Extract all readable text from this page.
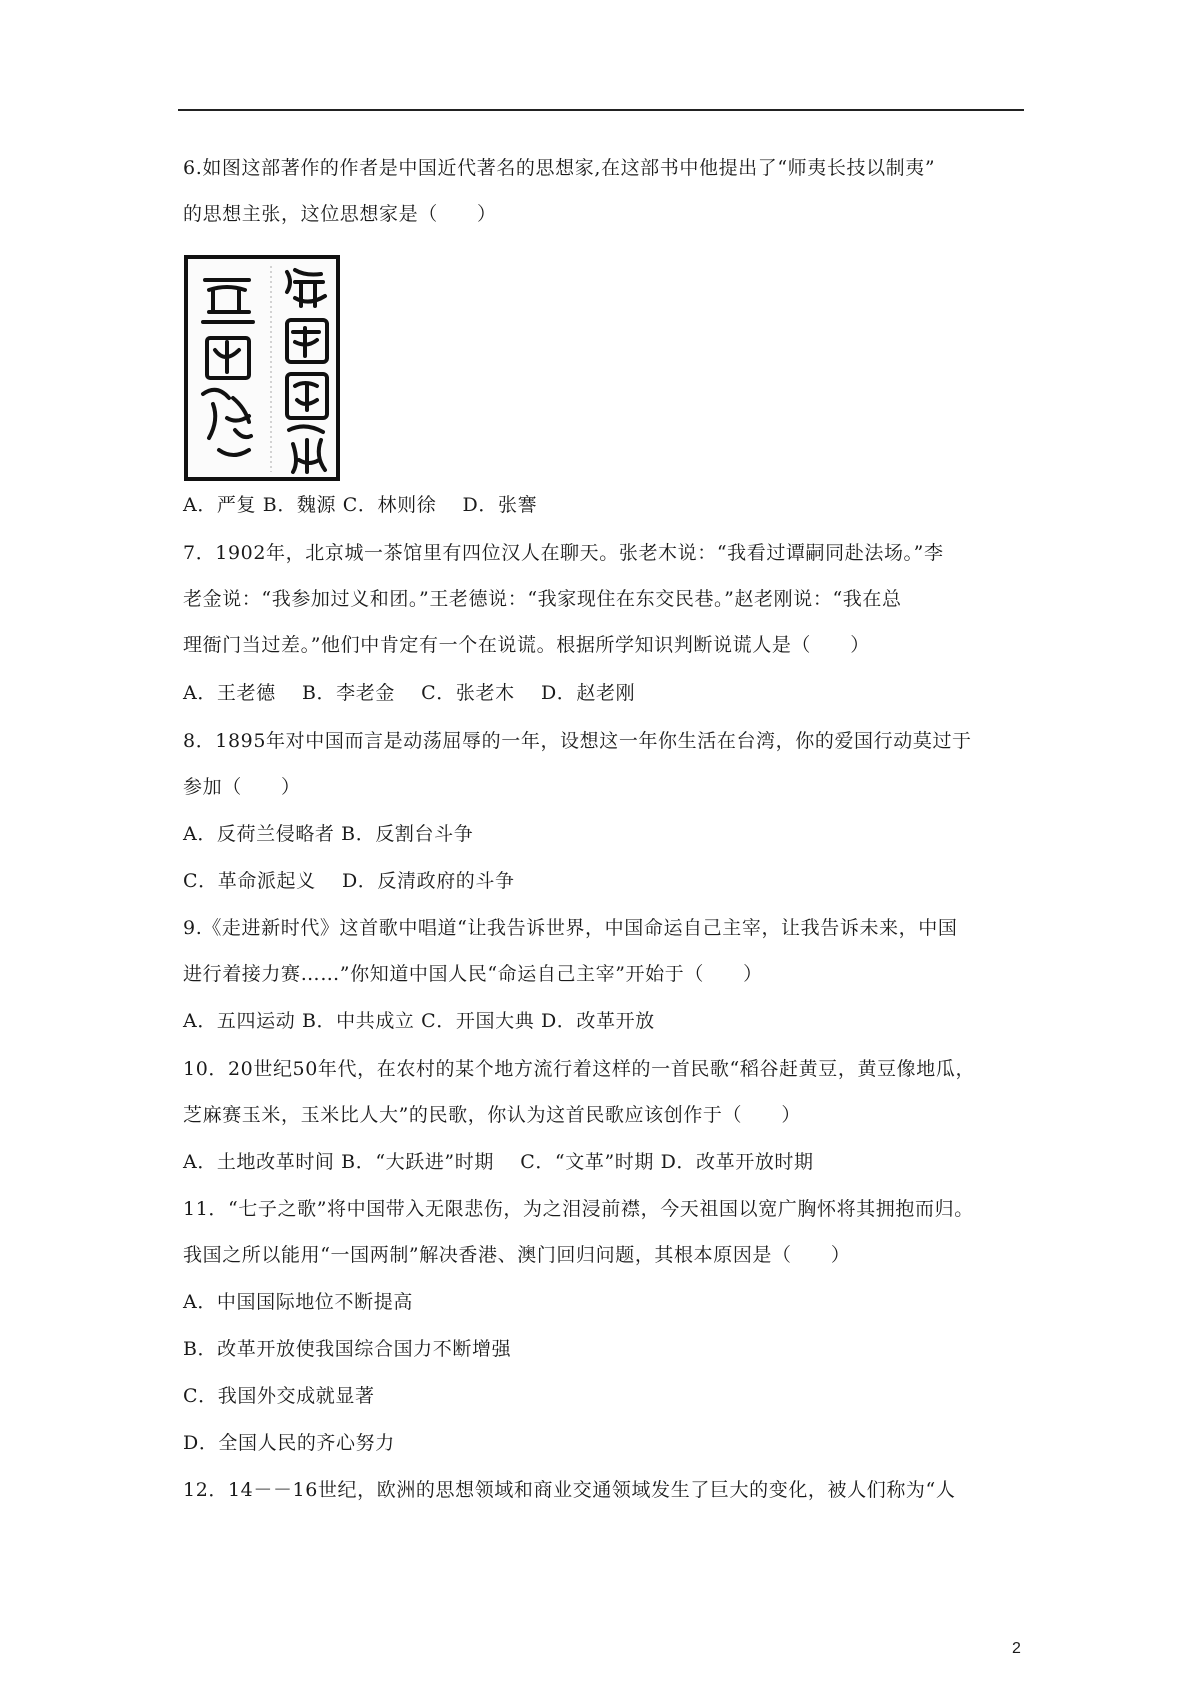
6.如图这部著作的作者是中国近代著名的思想家,在这部书中他提出了“师夷长技以制夷”
的思想主张，这位思想家是（　　）
A．严复 B．魏源 C．林则徐　 D．张謇
7．1902年，北京城一茶馆里有四位汉人在聊天。张老木说：“我看过谭嗣同赴法场。”李
老金说：“我参加过义和团。”王老德说：“我家现住在东交民巷。”赵老刚说：“我在总
理衙门当过差。”他们中肯定有一个在说谎。根据所学知识判断说谎人是（　　）
A．王老德　 B．李老金　 C．张老木　 D．赵老刚
8．1895年对中国而言是动荡屈辱的一年，设想这一年你生活在台湾，你的爱国行动莫过于
参加（　　）
A．反荷兰侵略者 B．反割台斗争
C．革命派起义　 D．反清政府的斗争
9.《走进新时代》这首歌中唱道“让我告诉世界，中国命运自己主宰，让我告诉未来，中国
进行着接力赛……”你知道中国人民“命运自己主宰”开始于（　　）
A．五四运动 B．中共成立 C．开国大典 D．改革开放
10．20世纪50年代，在农村的某个地方流行着这样的一首民歌“稻谷赶黄豆，黄豆像地瓜，
芝麻赛玉米，玉米比人大”的民歌，你认为这首民歌应该创作于（　　）
A．土地改革时间 B．“大跃进”时期　 C．“文革”时期 D．改革开放时期
11．“七子之歌”将中国带入无限悲伤，为之泪浸前襟，今天祖国以宽广胸怀将其拥抱而归。
我国之所以能用“一国两制”解决香港、澳门回归问题，其根本原因是（　　）
A．中国国际地位不断提高
B．改革开放使我国综合国力不断增强
C．我国外交成就显著
D．全国人民的齐心努力
12．14－－16世纪，欧洲的思想领域和商业交通领域发生了巨大的变化，被人们称为“人
2
